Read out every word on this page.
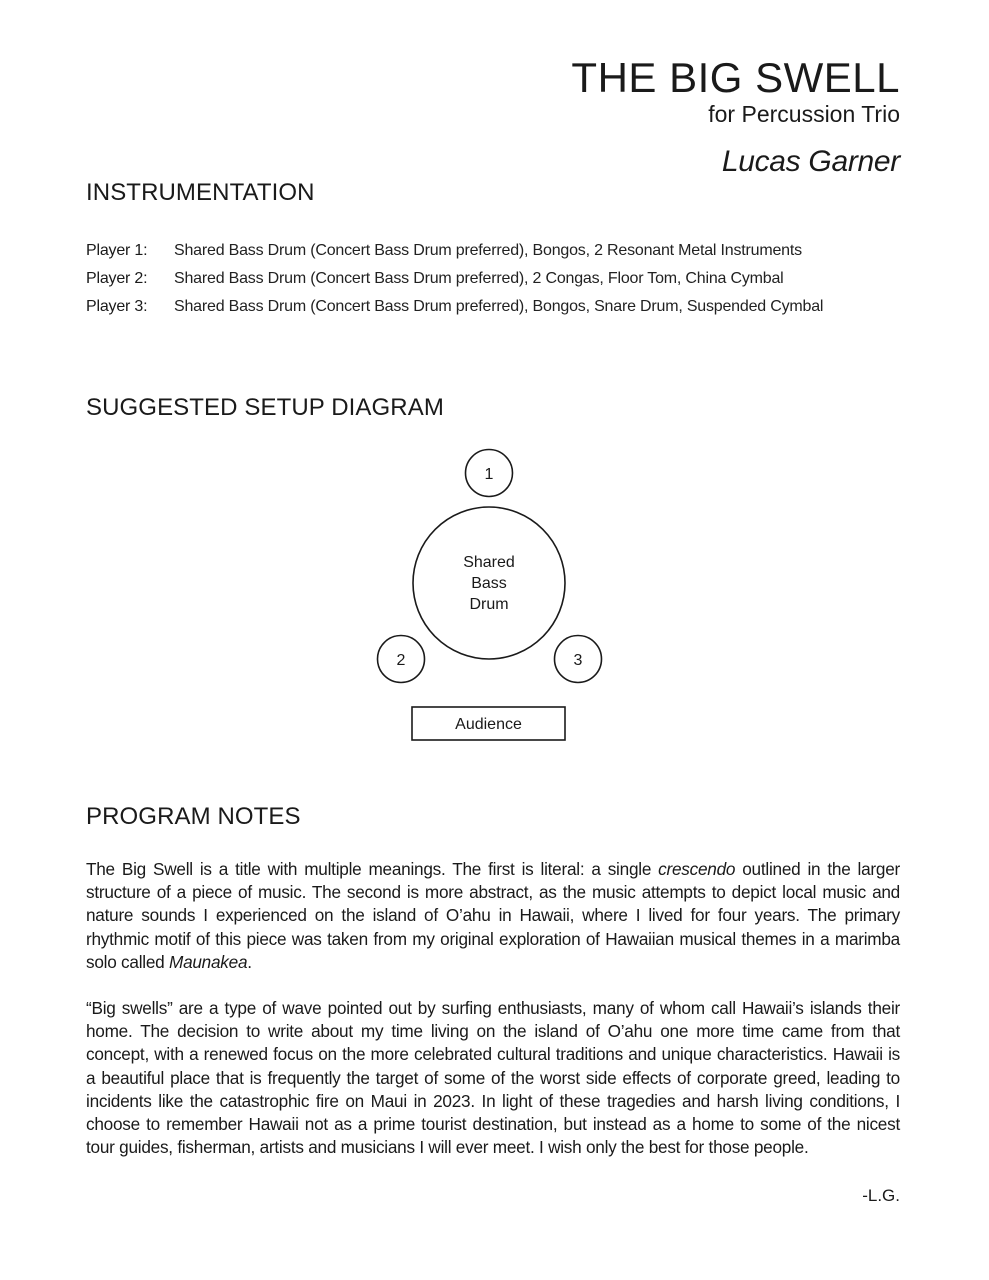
THE BIG SWELL
for Percussion Trio
Lucas Garner
INSTRUMENTATION
Player 1:	Shared Bass Drum (Concert Bass Drum preferred), Bongos, 2 Resonant Metal Instruments
Player 2:	Shared Bass Drum (Concert Bass Drum preferred), 2 Congas, Floor Tom, China Cymbal
Player 3:	Shared Bass Drum (Concert Bass Drum preferred), Bongos, Snare Drum, Suspended Cymbal
SUGGESTED SETUP DIAGRAM
1
Shared
Bass
Drum
2	3
Audience
PROGRAM NOTES

The Big Swell is a title with multiple meanings. The first is literal: a single crescendo outlined in the larger structure of a piece of music. The second is more abstract, as the music attempts to depict local music and nature sounds I experienced on the island of O’ahu in Hawaii, where I lived for four years. The primary rhythmic motif of this piece was taken from my original exploration of Hawaiian musical themes in a marimba solo called Maunakea.

“Big swells” are a type of wave pointed out by surfing enthusiasts, many of whom call Hawaii’s islands their home. The decision to write about my time living on the island of O’ahu one more time came from that concept, with a renewed focus on the more celebrated cultural traditions and unique characteristics. Hawaii is a beautiful place that is frequently the target of some of the worst side effects of corporate greed, leading to incidents like the catastrophic fire on Maui in 2023. In light of these tragedies and harsh living conditions, I choose to remember Hawaii not as a prime tourist destination, but instead as a home to some of the nicest tour guides, fisherman, artists and musicians I will ever meet. I wish only the best for those people.

-L.G.
